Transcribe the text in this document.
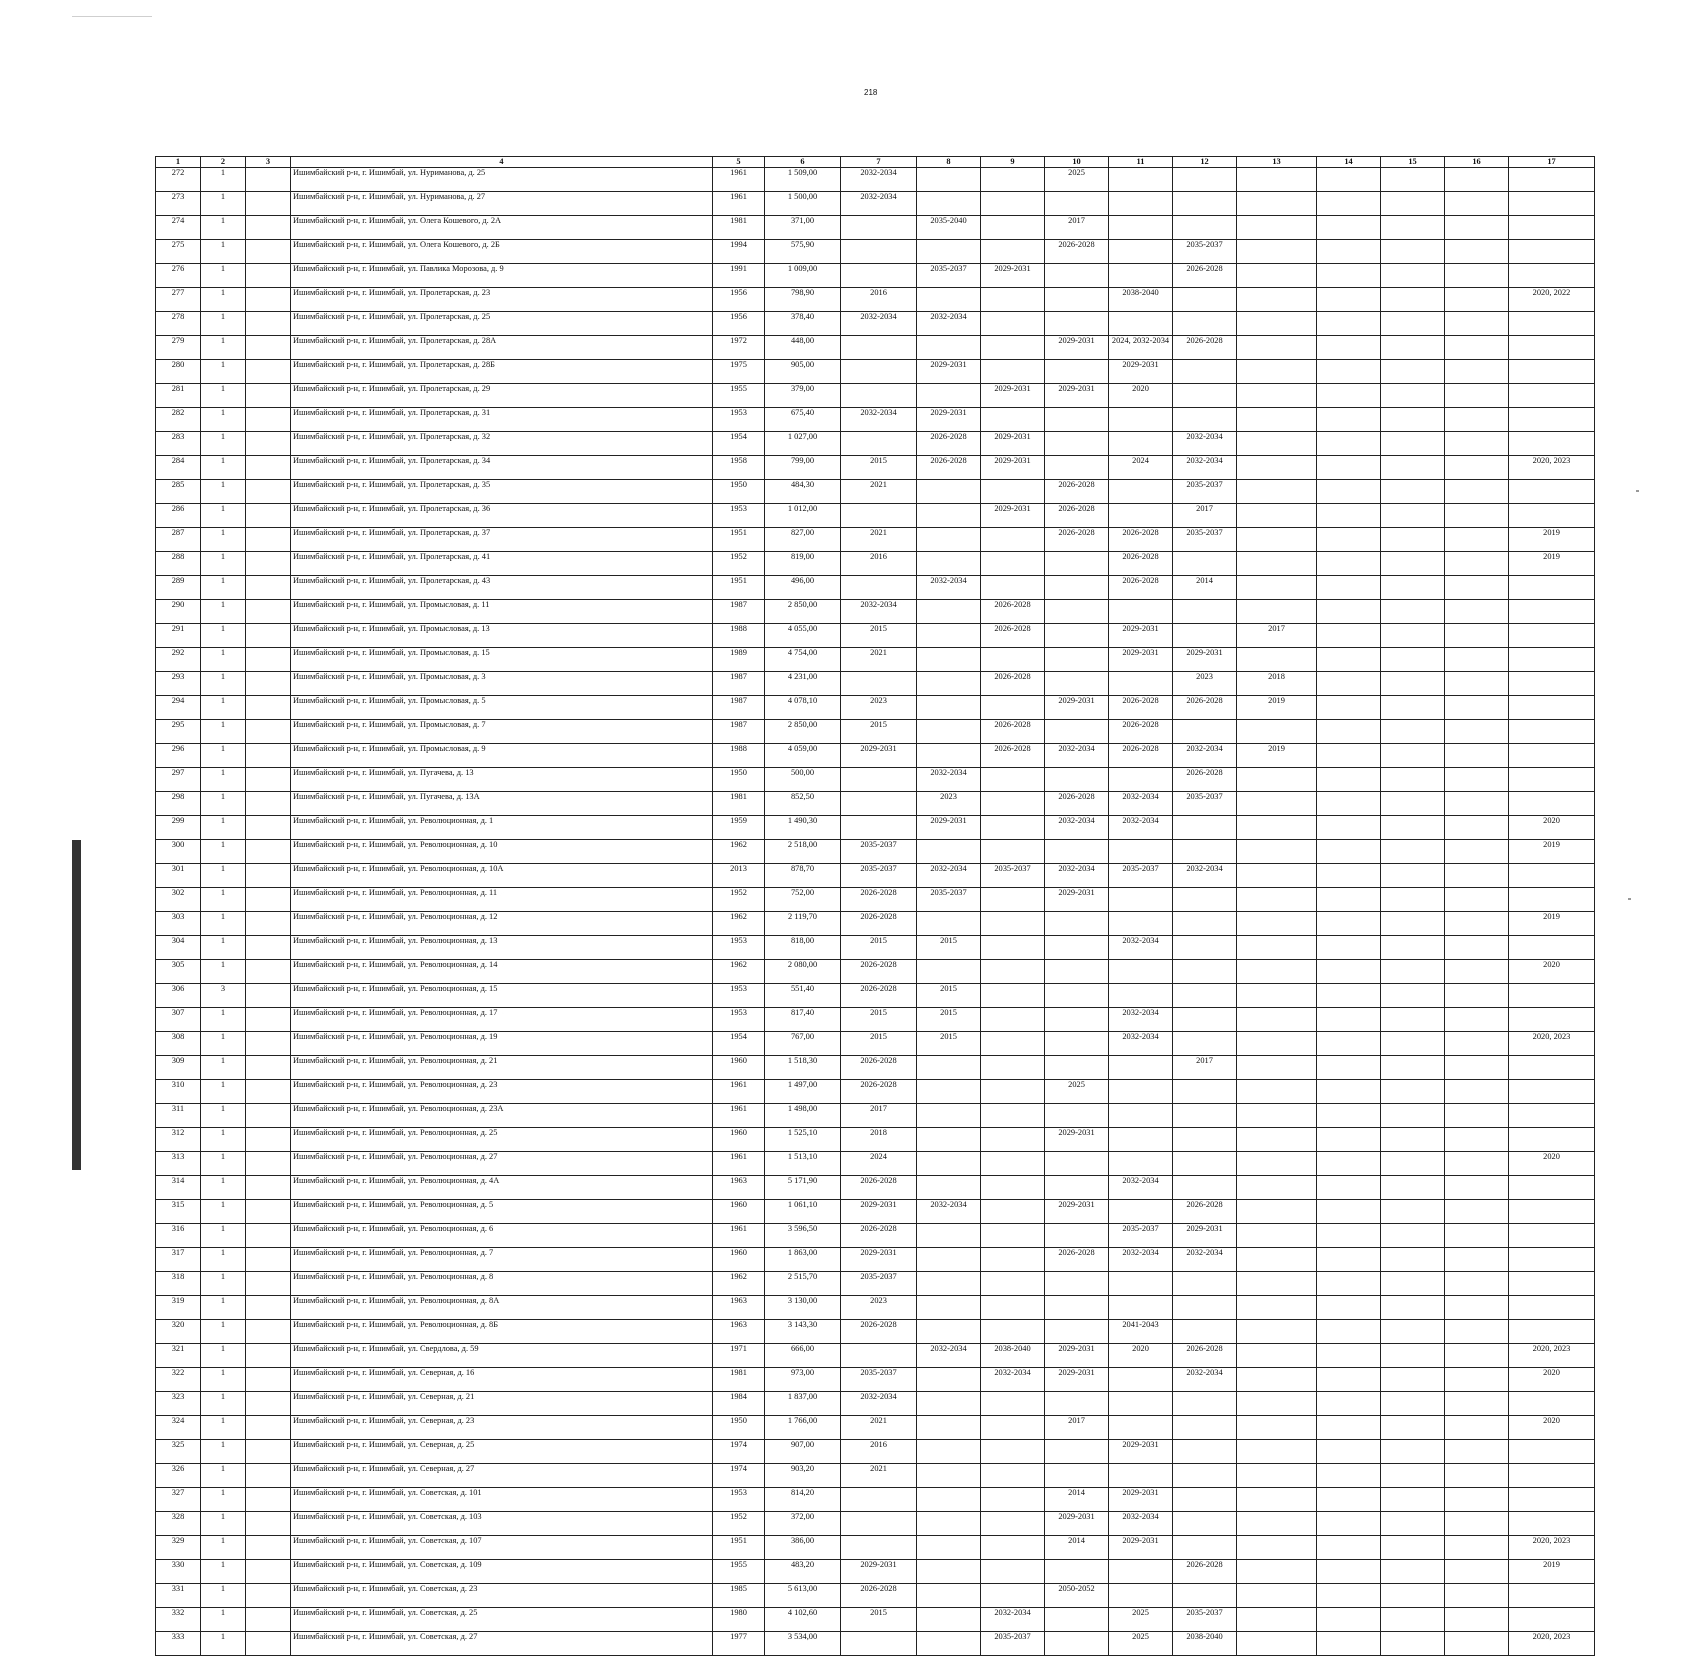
218
1	2	3	4	5	6	7	8	9	10	11	12	13	14	15	16	17
272	1		Ишимбайский р-н, г. Ишимбай, ул. Нуримановa, д. 25	1961	1 509,00	2032-2034			2025							
273	1		Ишимбайский р-н, г. Ишимбай, ул. Нуриманова, д. 27	1961	1 500,00	2032-2034										
274	1		Ишимбайский р-н, г. Ишимбай, ул. Олега Кошевого, д. 2А	1981	371,00		2035-2040		2017							
275	1		Ишимбайский р-н, г. Ишимбай, ул. Олега Кошевого, д. 2Б	1994	575,90				2026-2028		2035-2037					
276	1		Ишимбайский р-н, г. Ишимбай, ул. Павлика Морозова, д. 9	1991	1 009,00		2035-2037	2029-2031			2026-2028					
277	1		Ишимбайский р-н, г. Ишимбай, ул. Пролетарская, д. 23	1956	798,90	2016				2038-2040						2020, 2022
278	1		Ишимбайский р-н, г. Ишимбай, ул. Пролетарская, д. 25	1956	378,40	2032-2034	2032-2034									
279	1		Ишимбайский р-н, г. Ишимбай, ул. Пролетарская, д. 28А	1972	448,00				2029-2031	2024, 2032-2034	2026-2028					
280	1		Ишимбайский р-н, г. Ишимбай, ул. Пролетарская, д. 28Б	1975	905,00		2029-2031			2029-2031						
281	1		Ишимбайский р-н, г. Ишимбай, ул. Пролетарская, д. 29	1955	379,00			2029-2031	2029-2031	2020						
282	1		Ишимбайский р-н, г. Ишимбай, ул. Пролетарская, д. 31	1953	675,40	2032-2034	2029-2031									
283	1		Ишимбайский р-н, г. Ишимбай, ул. Пролетарская, д. 32	1954	1 027,00		2026-2028	2029-2031			2032-2034					
284	1		Ишимбайский р-н, г. Ишимбай, ул. Пролетарская, д. 34	1958	799,00	2015	2026-2028	2029-2031		2024	2032-2034					2020, 2023
285	1		Ишимбайский р-н, г. Ишимбай, ул. Пролетарская, д. 35	1950	484,30	2021			2026-2028		2035-2037					
286	1		Ишимбайский р-н, г. Ишимбай, ул. Пролетарская, д. 36	1953	1 012,00			2029-2031	2026-2028		2017					
287	1		Ишимбайский р-н, г. Ишимбай, ул. Пролетарская, д. 37	1951	827,00	2021			2026-2028	2026-2028	2035-2037					2019
288	1		Ишимбайский р-н, г. Ишимбай, ул. Пролетарская, д. 41	1952	819,00	2016				2026-2028						2019
289	1		Ишимбайский р-н, г. Ишимбай, ул. Пролетарская, д. 43	1951	496,00		2032-2034			2026-2028	2014					
290	1		Ишимбайский р-н, г. Ишимбай, ул. Промысловая, д. 11	1987	2 850,00	2032-2034		2026-2028								
291	1		Ишимбайский р-н, г. Ишимбай, ул. Промысловая, д. 13	1988	4 055,00	2015		2026-2028		2029-2031		2017				
292	1		Ишимбайский р-н, г. Ишимбай, ул. Промысловая, д. 15	1989	4 754,00	2021				2029-2031	2029-2031					
293	1		Ишимбайский р-н, г. Ишимбай, ул. Промысловая, д. 3	1987	4 231,00			2026-2028			2023	2018				
294	1		Ишимбайский р-н, г. Ишимбай, ул. Промысловая, д. 5	1987	4 078,10	2023			2029-2031	2026-2028	2026-2028	2019				
295	1		Ишимбайский р-н, г. Ишимбай, ул. Промысловая, д. 7	1987	2 850,00	2015		2026-2028		2026-2028						
296	1		Ишимбайский р-н, г. Ишимбай, ул. Промысловая, д. 9	1988	4 059,00	2029-2031		2026-2028	2032-2034	2026-2028	2032-2034	2019				
297	1		Ишимбайский р-н, г. Ишимбай, ул. Пугачева, д. 13	1950	500,00		2032-2034				2026-2028					
298	1		Ишимбайский р-н, г. Ишимбай, ул. Пугачева, д. 13А	1981	852,50		2023		2026-2028	2032-2034	2035-2037					
299	1		Ишимбайский р-н, г. Ишимбай, ул. Революционная, д. 1	1959	1 490,30		2029-2031		2032-2034	2032-2034						2020
300	1		Ишимбайский р-н, г. Ишимбай, ул. Революционная, д. 10	1962	2 518,00	2035-2037										2019
301	1		Ишимбайский р-н, г. Ишимбай, ул. Революционная, д. 10А	2013	878,70	2035-2037	2032-2034	2035-2037	2032-2034	2035-2037	2032-2034					
302	1		Ишимбайский р-н, г. Ишимбай, ул. Революционная, д. 11	1952	752,00	2026-2028	2035-2037		2029-2031							
303	1		Ишимбайский р-н, г. Ишимбай, ул. Революционная, д. 12	1962	2 119,70	2026-2028										2019
304	1		Ишимбайский р-н, г. Ишимбай, ул. Революционная, д. 13	1953	818,00	2015	2015			2032-2034						
305	1		Ишимбайский р-н, г. Ишимбай, ул. Революционная, д. 14	1962	2 080,00	2026-2028										2020
306	3		Ишимбайский р-н, г. Ишимбай, ул. Революционная, д. 15	1953	551,40	2026-2028	2015									
307	1		Ишимбайский р-н, г. Ишимбай, ул. Революционная, д. 17	1953	817,40	2015	2015			2032-2034						
308	1		Ишимбайский р-н, г. Ишимбай, ул. Революционная, д. 19	1954	767,00	2015	2015			2032-2034						2020, 2023
309	1		Ишимбайский р-н, г. Ишимбай, ул. Революционная, д. 21	1960	1 518,30	2026-2028					2017					
310	1		Ишимбайский р-н, г. Ишимбай, ул. Революционная, д. 23	1961	1 497,00	2026-2028			2025							
311	1		Ишимбайский р-н, г. Ишимбай, ул. Революционная, д. 23А	1961	1 498,00	2017										
312	1		Ишимбайский р-н, г. Ишимбай, ул. Революционная, д. 25	1960	1 525,10	2018			2029-2031							
313	1		Ишимбайский р-н, г. Ишимбай, ул. Революционная, д. 27	1961	1 513,10	2024										2020
314	1		Ишимбайский р-н, г. Ишимбай, ул. Революционная, д. 4А	1963	5 171,90	2026-2028				2032-2034						
315	1		Ишимбайский р-н, г. Ишимбай, ул. Революционная, д. 5	1960	1 061,10	2029-2031	2032-2034		2029-2031		2026-2028					
316	1		Ишимбайский р-н, г. Ишимбай, ул. Революционная, д. 6	1961	3 596,50	2026-2028				2035-2037	2029-2031					
317	1		Ишимбайский р-н, г. Ишимбай, ул. Революционная, д. 7	1960	1 863,00	2029-2031			2026-2028	2032-2034	2032-2034					
318	1		Ишимбайский р-н, г. Ишимбай, ул. Революционная, д. 8	1962	2 515,70	2035-2037										
319	1		Ишимбайский р-н, г. Ишимбай, ул. Революционная, д. 8А	1963	3 130,00	2023										
320	1		Ишимбайский р-н, г. Ишимбай, ул. Революционная, д. 8Б	1963	3 143,30	2026-2028				2041-2043						
321	1		Ишимбайский р-н, г. Ишимбай, ул. Свердлова, д. 59	1971	666,00		2032-2034	2038-2040	2029-2031	2020	2026-2028					2020, 2023
322	1		Ишимбайский р-н, г. Ишимбай, ул. Северная, д. 16	1981	973,00	2035-2037		2032-2034	2029-2031		2032-2034					2020
323	1		Ишимбайский р-н, г. Ишимбай, ул. Северная, д. 21	1984	1 837,00	2032-2034										
324	1		Ишимбайский р-н, г. Ишимбай, ул. Северная, д. 23	1950	1 766,00	2021			2017							2020
325	1		Ишимбайский р-н, г. Ишимбай, ул. Северная, д. 25	1974	907,00	2016				2029-2031						
326	1		Ишимбайский р-н, г. Ишимбай, ул. Северная, д. 27	1974	903,20	2021										
327	1		Ишимбайский р-н, г. Ишимбай, ул. Советская, д. 101	1953	814,20				2014	2029-2031						
328	1		Ишимбайский р-н, г. Ишимбай, ул. Советская, д. 103	1952	372,00				2029-2031	2032-2034						
329	1		Ишимбайский р-н, г. Ишимбай, ул. Советская, д. 107	1951	386,00				2014	2029-2031						2020, 2023
330	1		Ишимбайский р-н, г. Ишимбай, ул. Советская, д. 109	1955	483,20	2029-2031					2026-2028					2019
331	1		Ишимбайский р-н, г. Ишимбай, ул. Советская, д. 23	1985	5 613,00	2026-2028			2050-2052							
332	1		Ишимбайский р-н, г. Ишимбай, ул. Советская, д. 25	1980	4 102,60	2015		2032-2034		2025	2035-2037					
333	1		Ишимбайский р-н, г. Ишимбай, ул. Советская, д. 27	1977	3 534,00			2035-2037		2025	2038-2040					2020, 2023
